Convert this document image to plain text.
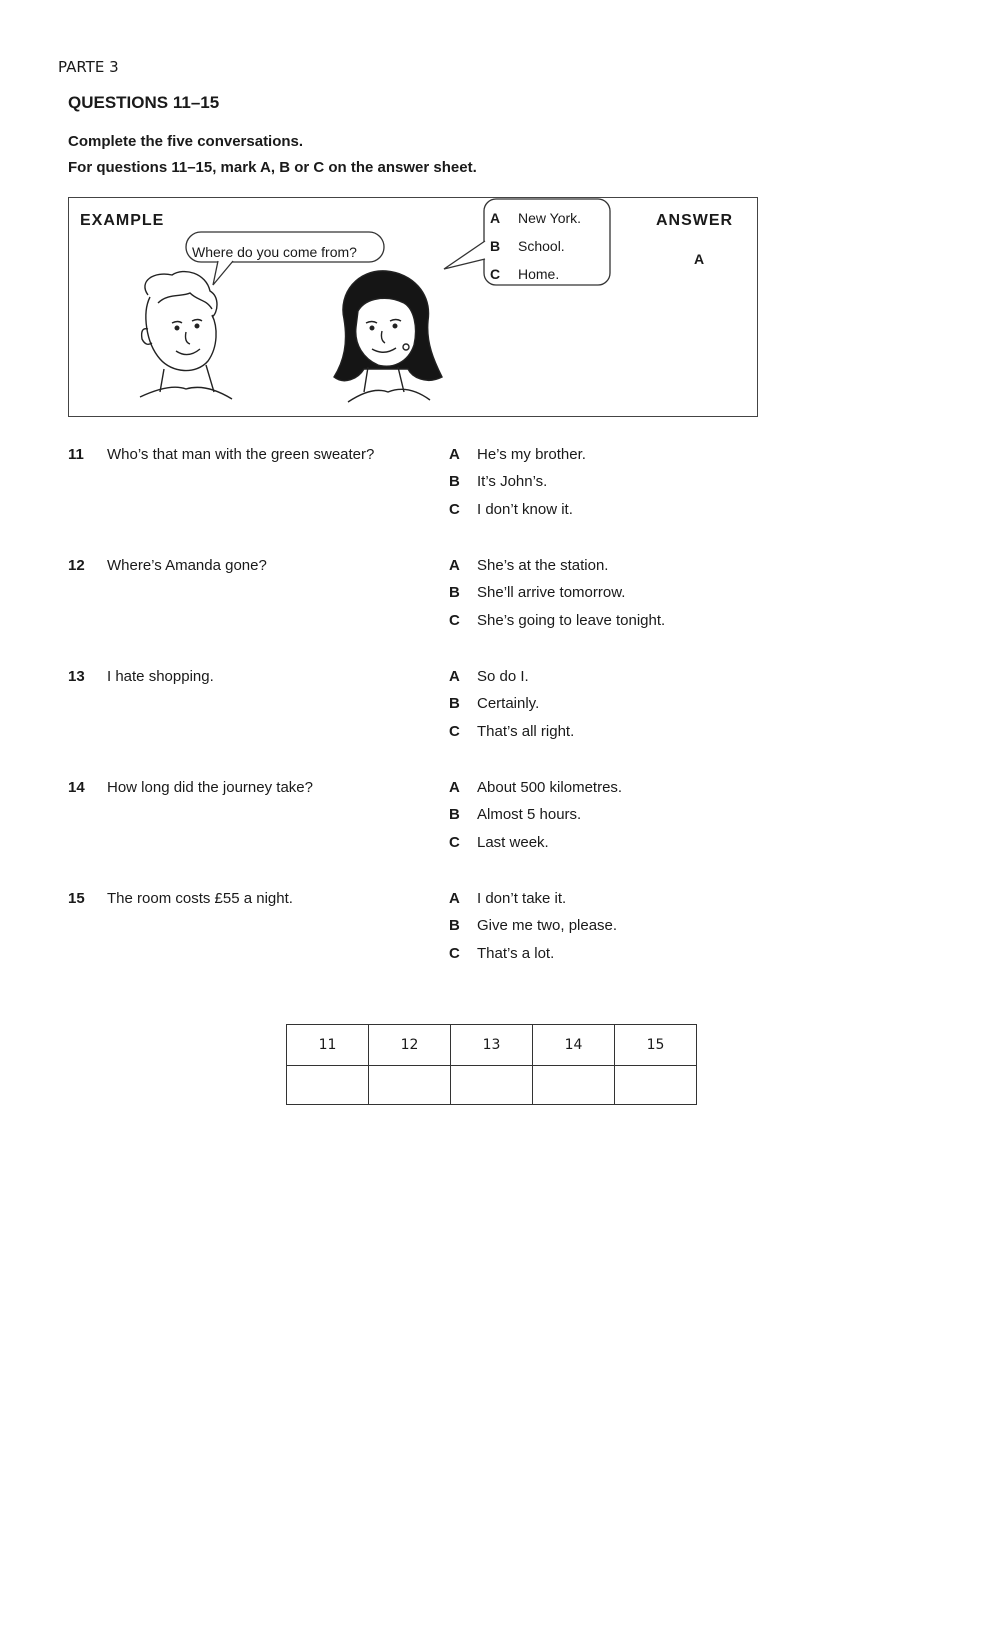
PARTE 3
QUESTIONS 11–15
Complete the five conversations.
For questions 11–15, mark A, B or C on the answer sheet.
EXAMPLE	ANSWER
A
Where do you come from?
A New York.
B School.
C Home.
11 Who’s that man with the green sweater?	A He’s my brother.
B It’s John’s.
C I don’t know it.
12 Where’s Amanda gone?	A She’s at the station.
B She’ll arrive tomorrow.
C She’s going to leave tonight.
13 I hate shopping.	A So do I.
B Certainly.
C That’s all right.
14 How long did the journey take?	A About 500 kilometres.
B Almost 5 hours.
C Last week.
15 The room costs £55 a night.	A I don’t take it.
B Give me two, please.
C That’s a lot.
11	12	13	14	15
